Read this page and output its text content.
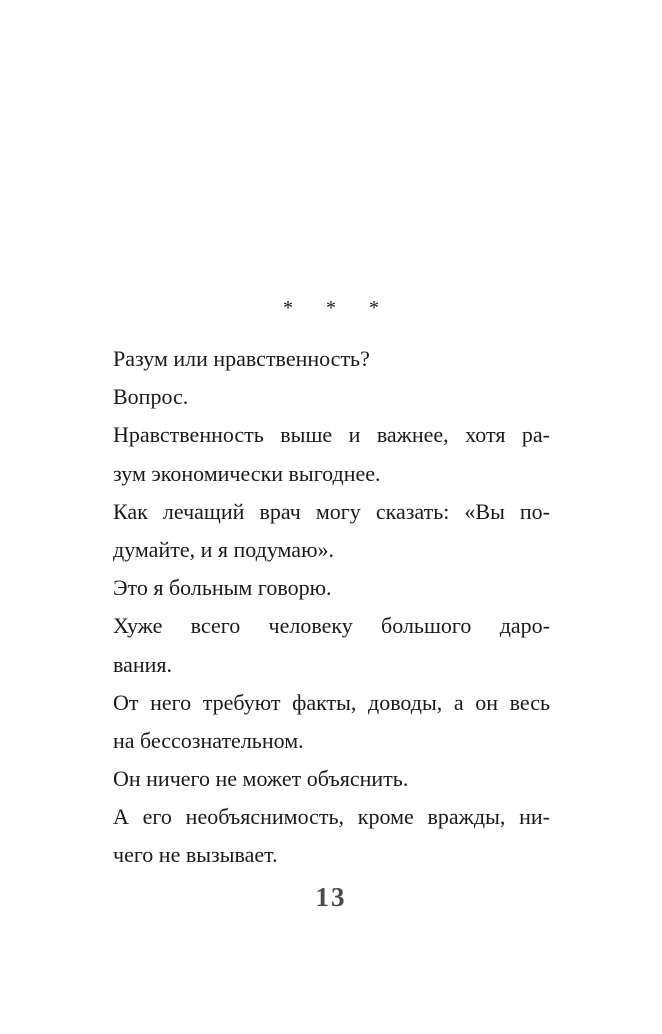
* * *
Разум или нравственность?
Вопрос.
Нравственность выше и важнее, хотя ра-
зум экономически выгоднее.
Как лечащий врач могу сказать: «Вы по-
думайте, и я подумаю».
Это я больным говорю.
Хуже всего человеку большого даро-
вания.
От него требуют факты, доводы, а он весь
на бессознательном.
Он ничего не может объяснить.
А его необъяснимость, кроме вражды, ни-
чего не вызывает.
13
